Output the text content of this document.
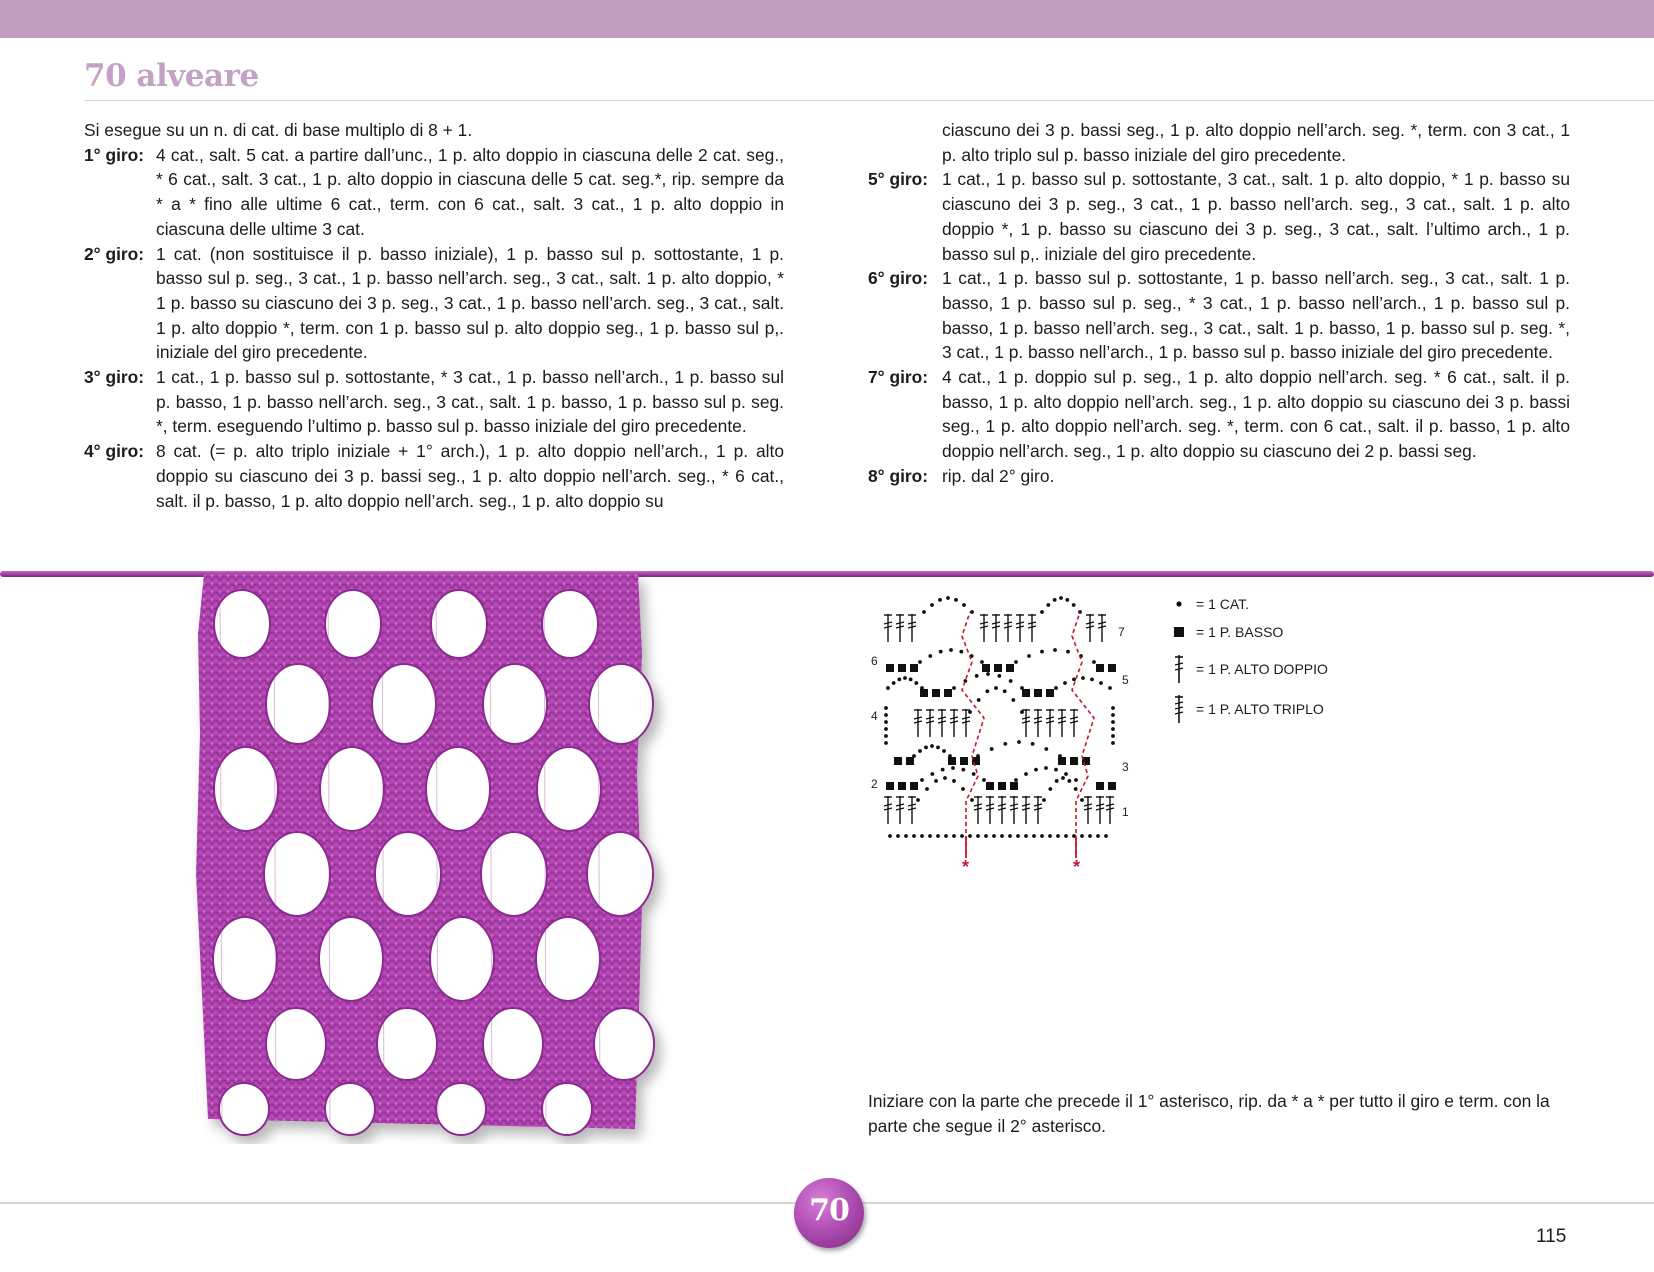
70 alveare

Si esegue su un n. di cat. di base multiplo di 8 + 1.

1° giro: 4 cat., salt. 5 cat. a partire dall’unc., 1 p. alto doppio in ciascuna delle 2 cat. seg., * 6 cat., salt. 3 cat., 1 p. alto doppio in ciascuna delle 5 cat. seg.*, rip. sempre da * a * fino alle ultime 6 cat., term. con 6 cat., salt. 3 cat., 1 p. alto doppio in ciascuna delle ultime 3 cat.
2° giro: 1 cat. (non sostituisce il p. basso iniziale), 1 p. basso sul p. sottostante, 1 p. basso sul p. seg., 3 cat., 1 p. basso nell’arch. seg., 3 cat., salt. 1 p. alto doppio, * 1 p. basso su ciascuno dei 3 p. seg., 3 cat., 1 p. basso nell’arch. seg., 3 cat., salt. 1 p. alto doppio *, term. con 1 p. basso sul p. alto doppio seg., 1 p. basso sul p,. iniziale del giro precedente.
3° giro: 1 cat., 1 p. basso sul p. sottostante, * 3 cat., 1 p. basso nell’arch., 1 p. basso sul p. basso, 1 p. basso nell’arch. seg., 3 cat., salt. 1 p. basso, 1 p. basso sul p. seg. *, term. eseguendo l’ultimo p. basso sul p. basso iniziale del giro precedente.
4° giro: 8 cat. (= p. alto triplo iniziale + 1° arch.), 1 p. alto doppio nell’arch., 1 p. alto doppio su ciascuno dei 3 p. bassi seg., 1 p. alto doppio nell’arch. seg., * 6 cat., salt. il p. basso, 1 p. alto doppio nell’arch. seg., 1 p. alto doppio su

ciascuno dei 3 p. bassi seg., 1 p. alto doppio nell’arch. seg. *, term. con 3 cat., 1 p. alto triplo sul p. basso iniziale del giro precedente.

5° giro: 1 cat., 1 p. basso sul p. sottostante, 3 cat., salt. 1 p. alto doppio, * 1 p. basso su ciascuno dei 3 p. seg., 3 cat., 1 p. basso nell’arch. seg., 3 cat., salt. 1 p. alto doppio *, 1 p. basso su ciascuno dei 3 p. seg., 3 cat., salt. l’ultimo arch., 1 p. basso sul p,. iniziale del giro precedente.
6° giro: 1 cat., 1 p. basso sul p. sottostante, 1 p. basso nell’arch. seg., 3 cat., salt. 1 p. basso, 1 p. basso sul p. seg., * 3 cat., 1 p. basso nell’arch., 1 p. basso sul p. basso, 1 p. basso nell’arch. seg., 3 cat., salt. 1 p. basso, 1 p. basso sul p. seg. *, 3 cat., 1 p. basso nell’arch., 1 p. basso sul p. basso iniziale del giro precedente.
7° giro: 4 cat., 1 p. doppio sul p. seg., 1 p. alto doppio nell’arch. seg. * 6 cat., salt. il p. basso, 1 p. alto doppio nell’arch. seg., 1 p. alto doppio su ciascuno dei 3 p. bassi seg., 1 p. alto doppio nell’arch. seg. *, term. con 6 cat., salt. il p. basso, 1 p. alto doppio nell’arch. seg., 1 p. alto doppio su ciascuno dei 2 p. bassi seg.
8° giro: rip. dal 2° giro.
7
6
5
4
3
2
1
*	*
= 1 CAT.
= 1 P. BASSO
= 1 P. ALTO DOPPIO
= 1 P. ALTO TRIPLO

Iniziare con la parte che precede il 1° asterisco, rip. da * a * per tutto il giro e term. con la parte che segue il 2° asterisco.

70
115
